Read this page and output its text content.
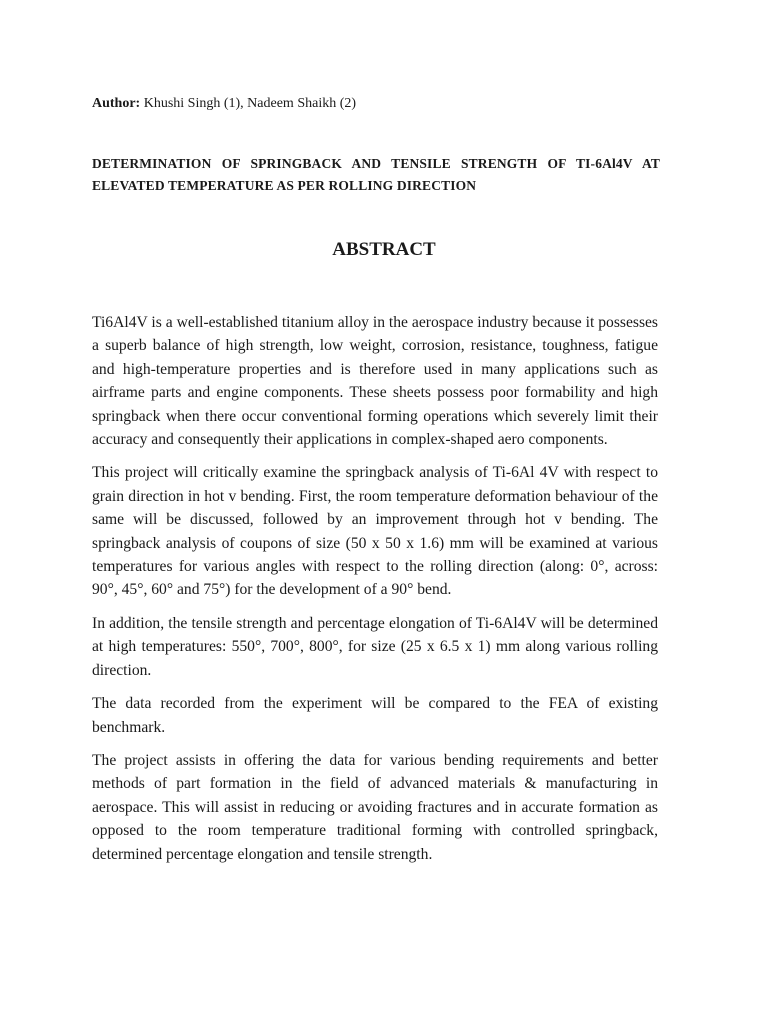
Author: Khushi Singh (1), Nadeem Shaikh (2)
DETERMINATION OF SPRINGBACK AND TENSILE STRENGTH OF TI-6Al4V AT ELEVATED TEMPERATURE AS PER ROLLING DIRECTION
ABSTRACT

Ti6Al4V is a well-established titanium alloy in the aerospace industry because it possesses a superb balance of high strength, low weight, corrosion, resistance, toughness, fatigue and high-temperature properties and is therefore used in many applications such as airframe parts and engine components. These sheets possess poor formability and high springback when there occur conventional forming operations which severely limit their accuracy and consequently their applications in complex-shaped aero components.

This project will critically examine the springback analysis of Ti-6Al 4V with respect to grain direction in hot v bending. First, the room temperature deformation behaviour of the same will be discussed, followed by an improvement through hot v bending. The springback analysis of coupons of size (50 x 50 x 1.6) mm will be examined at various temperatures for various angles with respect to the rolling direction (along: 0°, across: 90°, 45°, 60° and 75°) for the development of a 90° bend.

In addition, the tensile strength and percentage elongation of Ti-6Al4V will be determined at high temperatures: 550°, 700°, 800°, for size (25 x 6.5 x 1) mm along various rolling direction.

The data recorded from the experiment will be compared to the FEA of existing benchmark.

The project assists in offering the data for various bending requirements and better methods of part formation in the field of advanced materials & manufacturing in aerospace. This will assist in reducing or avoiding fractures and in accurate formation as opposed to the room temperature traditional forming with controlled springback, determined percentage elongation and tensile strength.
